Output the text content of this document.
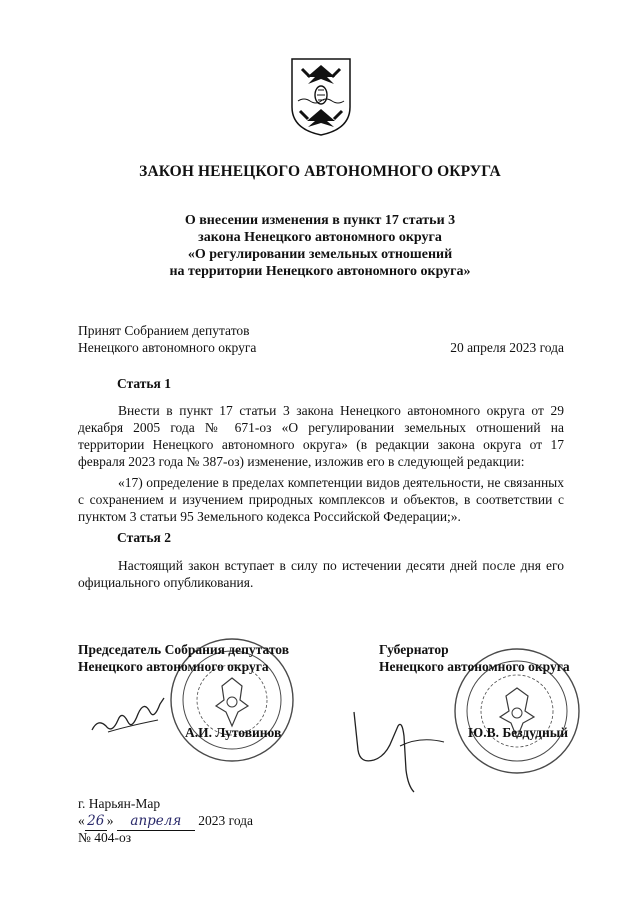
ЗАКОН НЕНЕЦКОГО АВТОНОМНОГО ОКРУГА
О внесении изменения в пункт 17 статьи 3
закона Ненецкого автономного округа
«О регулировании земельных отношений
на территории Ненецкого автономного округа»
Принят Собранием депутатов
Ненецкого автономного округа	20 апреля 2023 года
Статья 1
Внести в пункт 17 статьи 3 закона Ненецкого автономного округа от 29 декабря 2005 года № 671-оз «О регулировании земельных отношений на территории Ненецкого автономного округа» (в редакции закона округа от 17 февраля 2023 года № 387-оз) изменение, изложив его в следующей редакции:
«17) определение в пределах компетенции видов деятельности, не связанных с сохранением и изучением природных комплексов и объектов, в соответствии с пунктом 3 статьи 95 Земельного кодекса Российской Федерации;».
Статья 2
Настоящий закон вступает в силу по истечении десяти дней после дня его официального опубликования.
Председатель Собрания депутатов
Ненецкого автономного округа
А.И. Лутовинов
Губернатор
Ненецкого автономного округа
Ю.В. Бездудный
г. Нарьян-Мар
« 26 » апреля 2023 года
№ 404-оз
